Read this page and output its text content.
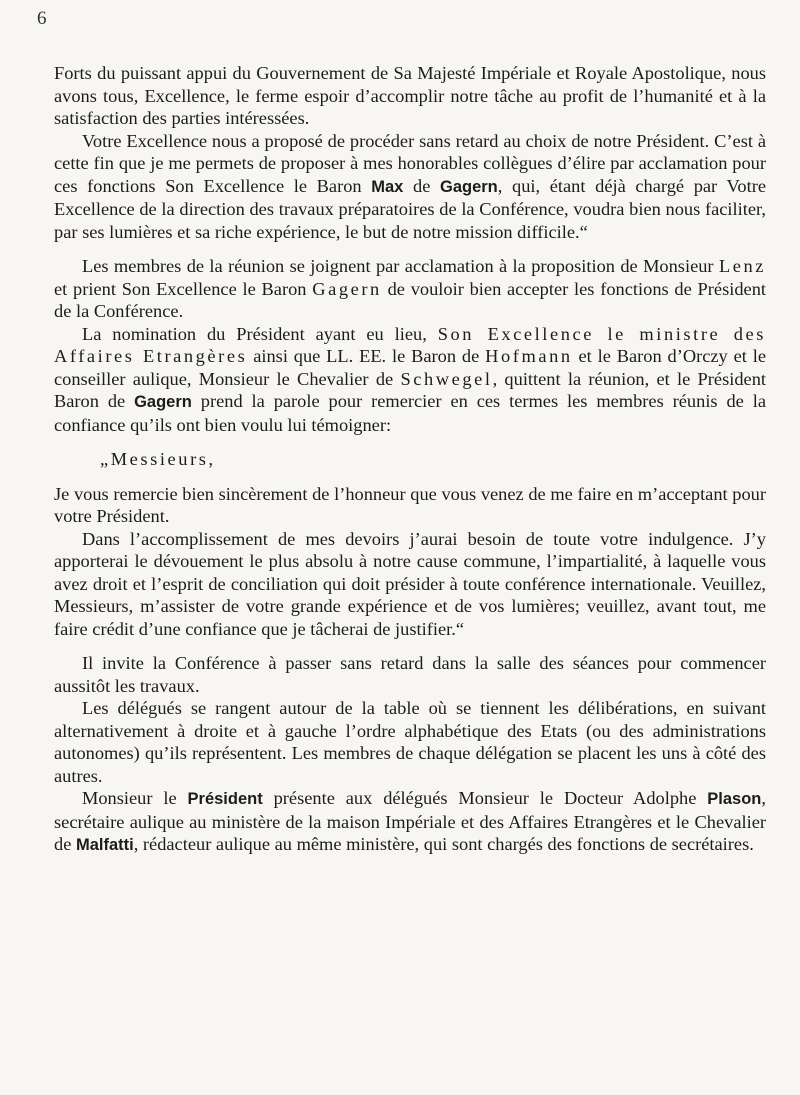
6

Forts du puissant appui du Gouvernement de Sa Majesté Impériale et Royale Apostolique, nous avons tous, Excellence, le ferme espoir d’accomplir notre tâche au profit de l’humanité et à la satisfaction des parties intéressées.

Votre Excellence nous a proposé de procéder sans retard au choix de notre Président. C’est à cette fin que je me permets de proposer à mes honorables collègues d’élire par acclamation pour ces fonctions Son Excellence le Baron Max de Gagern, qui, étant déjà chargé par Votre Excellence de la direction des travaux préparatoires de la Conférence, voudra bien nous faciliter, par ses lumières et sa riche expérience, le but de notre mission difficile.“

Les membres de la réunion se joignent par acclamation à la proposition de Monsieur Lenz et prient Son Excellence le Baron Gagern de vouloir bien accepter les fonctions de Président de la Conférence.

La nomination du Président ayant eu lieu, Son Excellence le ministre des Affaires Etrangères ainsi que LL. EE. le Baron de Hofmann et le Baron d’Orczy et le conseiller aulique, Monsieur le Chevalier de Schwegel, quittent la réunion, et le Président Baron de Gagern prend la parole pour remercier en ces termes les membres réunis de la confiance qu’ils ont bien voulu lui témoigner:

„Messieurs,

Je vous remercie bien sincèrement de l’honneur que vous venez de me faire en m’acceptant pour votre Président.

Dans l’accomplissement de mes devoirs j’aurai besoin de toute votre indulgence. J’y apporterai le dévouement le plus absolu à notre cause commune, l’impartialité, à laquelle vous avez droit et l’esprit de conciliation qui doit présider à toute conférence internationale. Veuillez, Messieurs, m’assister de votre grande expérience et de vos lumières; veuillez, avant tout, me faire crédit d’une confiance que je tâcherai de justifier.“

Il invite la Conférence à passer sans retard dans la salle des séances pour commencer aussitôt les travaux.

Les délégués se rangent autour de la table où se tiennent les délibérations, en suivant alternativement à droite et à gauche l’ordre alphabétique des Etats (ou des administrations autonomes) qu’ils représentent. Les membres de chaque délégation se placent les uns à côté des autres.

Monsieur le Président présente aux délégués Monsieur le Docteur Adolphe Plason, secrétaire aulique au ministère de la maison Impériale et des Affaires Etrangères et le Chevalier de Malfatti, rédacteur aulique au même ministère, qui sont chargés des fonctions de secrétaires.
